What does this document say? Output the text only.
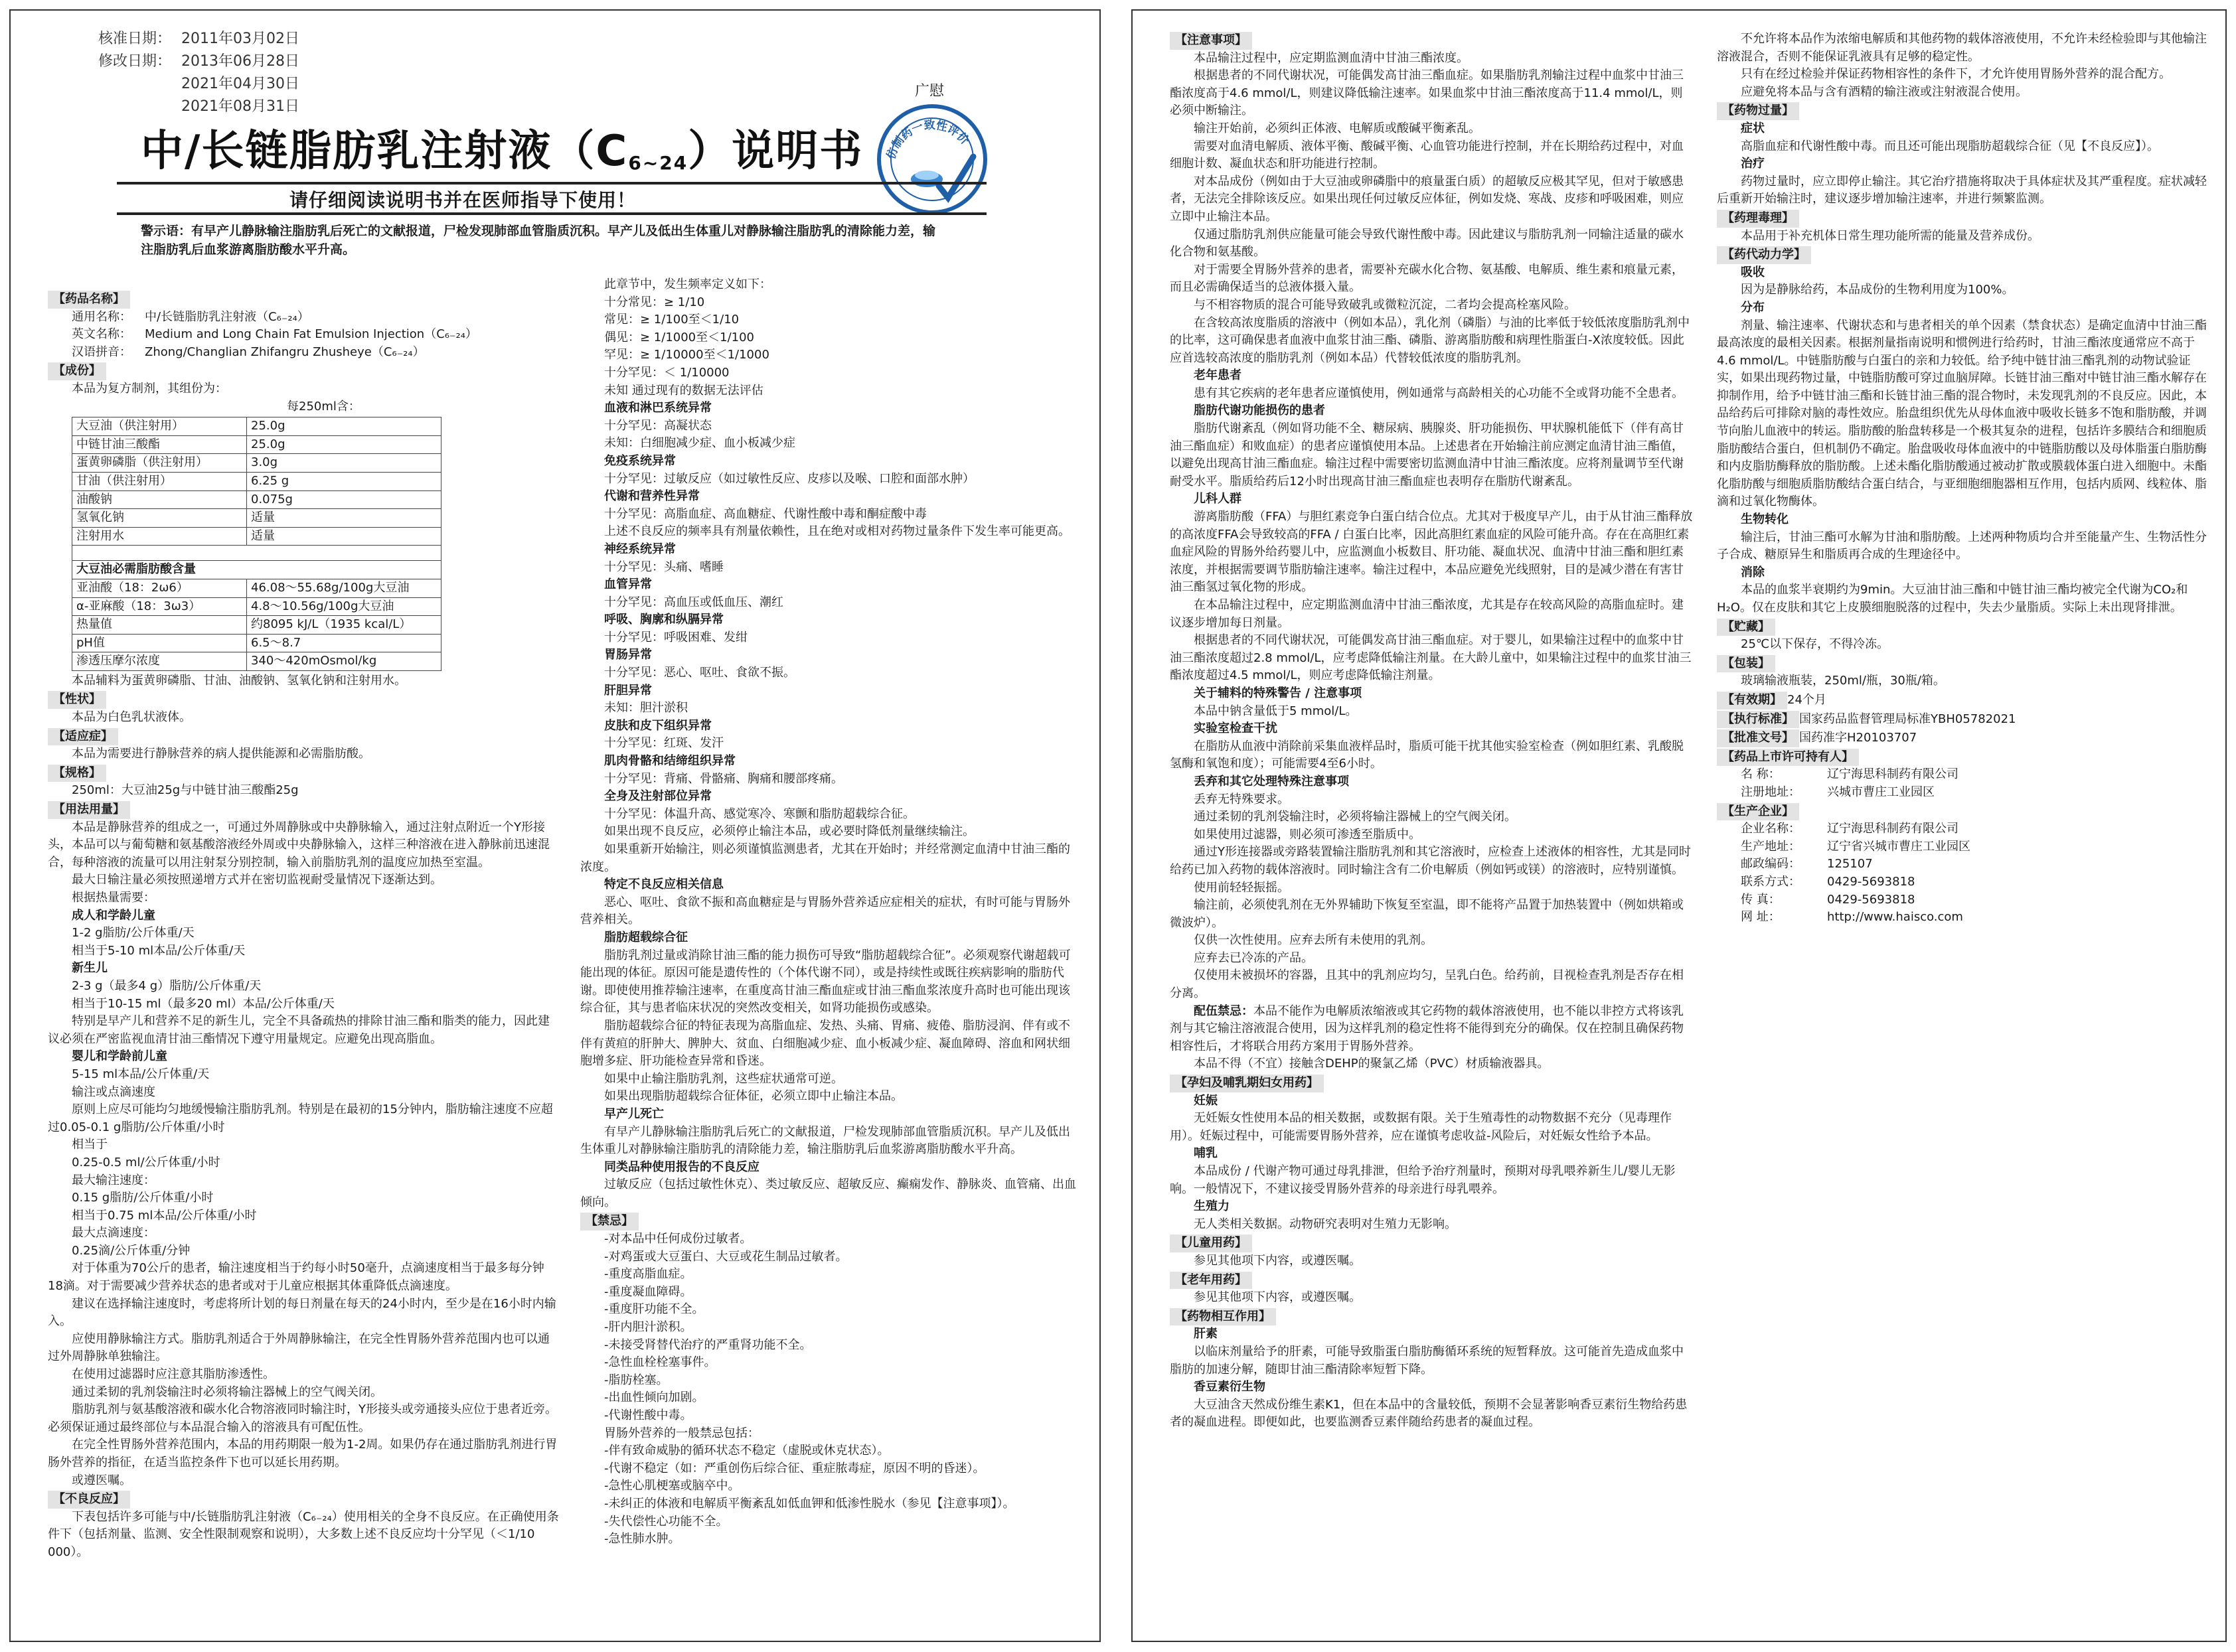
核准日期： 2011年03月02日
修改日期： 2013年06月28日
2021年04月30日
2021年08月31日
广慰
仿制药一致性评价
中/长链脂肪乳注射液（C6~24）说明书
请仔细阅读说明书并在医师指导下使用！
警示语：有早产儿静脉输注脂肪乳后死亡的文献报道，尸检发现肺部血管脂质沉积。早产儿及低出生体重儿对静脉输注脂肪乳的清除能力差，输注脂肪乳后血浆游离脂肪酸水平升高。
【药品名称】

通用名称： 中/长链脂肪乳注射液（C₆₋₂₄）

英文名称： Medium and Long Chain Fat Emulsion Injection（C₆₋₂₄）

汉语拼音： Zhong/Changlian Zhifangru Zhusheye（C₆₋₂₄）

【成份】

本品为复方制剂，其组份为：

每250ml含：

大豆油（供注射用）	25.0g
中链甘油三酸酯	25.0g
蛋黄卵磷脂（供注射用）	3.0g
甘油（供注射用）	6.25 g
油酸钠	0.075g
氢氧化钠	适量
注射用水	适量

大豆油必需脂肪酸含量	
亚油酸（18：2ω6）	46.08～55.68g/100g大豆油
α-亚麻酸（18：3ω3）	4.8～10.56g/100g大豆油
热量值	约8095 kJ/L（1935 kcal/L）
pH值	6.5～8.7
渗透压摩尔浓度	340～420mOsmol/kg

本品辅料为蛋黄卵磷脂、甘油、油酸钠、氢氧化钠和注射用水。

【性状】

本品为白色乳状液体。

【适应症】

本品为需要进行静脉营养的病人提供能源和必需脂肪酸。

【规格】

250ml：大豆油25g与中链甘油三酸酯25g

【用法用量】

本品是静脉营养的组成之一，可通过外周静脉或中央静脉输入，通过注射点附近一个Y形接头，本品可以与葡萄糖和氨基酸溶液经外周或中央静脉输入，这样三种溶液在进入静脉前迅速混合，每种溶液的流量可以用注射泵分别控制，输入前脂肪乳剂的温度应加热至室温。

最大日输注量必须按照递增方式并在密切监视耐受量情况下逐渐达到。

根据热量需要：

成人和学龄儿童

1-2 g脂肪/公斤体重/天

相当于5-10 ml本品/公斤体重/天

新生儿

2-3 g（最多4 g）脂肪/公斤体重/天

相当于10-15 ml（最多20 ml）本品/公斤体重/天

特别是早产儿和营养不足的新生儿，完全不具备疏热的排除甘油三酯和脂类的能力，因此建议必须在严密监视血清甘油三酯情况下遵守用量规定。应避免出现高脂血。

婴儿和学龄前儿童

5-15 ml本品/公斤体重/天

输注或点滴速度

原则上应尽可能均匀地缓慢输注脂肪乳剂。特别是在最初的15分钟内，脂肪输注速度不应超过0.05-0.1 g脂肪/公斤体重/小时

相当于

0.25-0.5 ml/公斤体重/小时

最大输注速度：

0.15 g脂肪/公斤体重/小时

相当于0.75 ml本品/公斤体重/小时

最大点滴速度：

0.25滴/公斤体重/分钟

对于体重为70公斤的患者，输注速度相当于约每小时50毫升，点滴速度相当于最多每分钟18滴。对于需要减少营养状态的患者或对于儿童应根据其体重降低点滴速度。

建议在选择输注速度时，考虑将所计划的每日剂量在每天的24小时内，至少是在16小时内输入。

应使用静脉输注方式。脂肪乳剂适合于外周静脉输注，在完全性胃肠外营养范围内也可以通过外周静脉单独输注。

在使用过滤器时应注意其脂肪渗透性。

通过柔韧的乳剂袋输注时必须将输注器械上的空气阀关闭。

脂肪乳剂与氨基酸溶液和碳水化合物溶液同时输注时，Y形接头或旁通接头应位于患者近旁。必须保证通过最终部位与本品混合输入的溶液具有可配伍性。

在完全性胃肠外营养范围内，本品的用药期限一般为1-2周。如果仍存在通过脂肪乳剂进行胃肠外营养的指征，在适当监控条件下也可以延长用药期。

或遵医嘱。

【不良反应】

下表包括许多可能与中/长链脂肪乳注射液（C₆₋₂₄）使用相关的全身不良反应。在正确使用条件下（包括剂量、监测、安全性限制观察和说明），大多数上述不良反应均十分罕见（＜1/10 000）。

此章节中，发生频率定义如下：

十分常见：≥ 1/10

常见：≥ 1/100至＜1/10

偶见：≥ 1/1000至＜1/100

罕见：≥ 1/10000至＜1/1000

十分罕见：＜ 1/10000

未知 通过现有的数据无法评估

血液和淋巴系统异常

十分罕见：高凝状态

未知：白细胞减少症、血小板减少症

免疫系统异常

十分罕见：过敏反应（如过敏性反应、皮疹以及喉、口腔和面部水肿）

代谢和营养性异常

十分罕见：高脂血症、高血糖症、代谢性酸中毒和酮症酸中毒

上述不良反应的频率具有剂量依赖性，且在绝对或相对药物过量条件下发生率可能更高。

神经系统异常

十分罕见：头痛、嗜睡

血管异常

十分罕见：高血压或低血压、潮红

呼吸、胸廓和纵膈异常

十分罕见：呼吸困难、发绀

胃肠异常

十分罕见：恶心、呕吐、食欲不振。

肝胆异常

未知：胆汁淤积

皮肤和皮下组织异常

十分罕见：红斑、发汗

肌肉骨骼和结缔组织异常

十分罕见：背痛、骨骼痛、胸痛和腰部疼痛。

全身及注射部位异常

十分罕见：体温升高、感觉寒冷、寒颤和脂肪超载综合征。

如果出现不良反应，必须停止输注本品，或必要时降低剂量继续输注。

如果重新开始输注，则必须谨慎监测患者，尤其在开始时；并经常测定血清中甘油三酯的浓度。

特定不良反应相关信息

恶心、呕吐、食欲不振和高血糖症是与胃肠外营养适应症相关的症状，有时可能与胃肠外营养相关。

脂肪超载综合征

脂肪乳剂过量或消除甘油三酯的能力损伤可导致“脂肪超载综合征”。必须观察代谢超载可能出现的体征。原因可能是遗传性的（个体代谢不同），或是持续性或既往疾病影响的脂肪代谢。即使使用推荐输注速率，在重度高甘油三酯血症或甘油三酯血浆浓度升高时也可能出现该综合征，其与患者临床状况的突然改变相关，如肾功能损伤或感染。

脂肪超载综合征的特征表现为高脂血症、发热、头痛、胃痛、疲倦、脂肪浸润、伴有或不伴有黄疸的肝肿大、脾肿大、贫血、白细胞减少症、血小板减少症、凝血障碍、溶血和网状细胞增多症、肝功能检查异常和昏迷。

如果中止输注脂肪乳剂，这些症状通常可逆。

如果出现脂肪超载综合征体征，必须立即中止输注本品。

早产儿死亡

有早产儿静脉输注脂肪乳后死亡的文献报道，尸检发现肺部血管脂质沉积。早产儿及低出生体重儿对静脉输注脂肪乳的清除能力差，输注脂肪乳后血浆游离脂肪酸水平升高。

同类品种使用报告的不良反应

过敏反应（包括过敏性休克）、类过敏反应、超敏反应、癫痫发作、静脉炎、血管痛、出血倾向。

【禁忌】

-对本品中任何成份过敏者。

-对鸡蛋或大豆蛋白、大豆或花生制品过敏者。

-重度高脂血症。

-重度凝血障碍。

-重度肝功能不全。

-肝内胆汁淤积。

-未接受肾替代治疗的严重肾功能不全。

-急性血栓栓塞事件。

-脂肪栓塞。

-出血性倾向加剧。

-代谢性酸中毒。

胃肠外营养的一般禁忌包括：

-伴有致命威胁的循环状态不稳定（虚脱或休克状态）。

-代谢不稳定（如：严重创伤后综合征、重症脓毒症，原因不明的昏迷）。

-急性心肌梗塞或脑卒中。

-未纠正的体液和电解质平衡紊乱如低血钾和低渗性脱水（参见【注意事项】）。

-失代偿性心功能不全。

-急性肺水肿。

【注意事项】

本品输注过程中，应定期监测血清中甘油三酯浓度。

根据患者的不同代谢状况，可能偶发高甘油三酯血症。如果脂肪乳剂输注过程中血浆中甘油三酯浓度高于4.6 mmol/L，则建议降低输注速率。如果血浆中甘油三酯浓度高于11.4 mmol/L，则必须中断输注。

输注开始前，必须纠正体液、电解质或酸碱平衡紊乱。

需要对血清电解质、液体平衡、酸碱平衡、心血管功能进行控制，并在长期给药过程中，对血细胞计数、凝血状态和肝功能进行控制。

对本品成份（例如由于大豆油或卵磷脂中的痕量蛋白质）的超敏反应极其罕见，但对于敏感患者，无法完全排除该反应。如果出现任何过敏反应体征，例如发烧、寒战、皮疹和呼吸困难，则应立即中止输注本品。

仅通过脂肪乳剂供应能量可能会导致代谢性酸中毒。因此建议与脂肪乳剂一同输注适量的碳水化合物和氨基酸。

对于需要全胃肠外营养的患者，需要补充碳水化合物、氨基酸、电解质、维生素和痕量元素，而且必需确保适当的总液体摄入量。

与不相容物质的混合可能导致破乳或微粒沉淀，二者均会提高栓塞风险。

在含较高浓度脂质的溶液中（例如本品），乳化剂（磷脂）与油的比率低于较低浓度脂肪乳剂中的比率，这可确保患者血液中血浆甘油三酯、磷脂、游离脂肪酸和病理性脂蛋白-X浓度较低。因此应首选较高浓度的脂肪乳剂（例如本品）代替较低浓度的脂肪乳剂。

老年患者

患有其它疾病的老年患者应谨慎使用，例如通常与高龄相关的心功能不全或肾功能不全患者。

脂肪代谢功能损伤的患者

脂肪代谢紊乱（例如肾功能不全、糖尿病、胰腺炎、肝功能损伤、甲状腺机能低下（伴有高甘油三酯血症）和败血症）的患者应谨慎使用本品。上述患者在开始输注前应测定血清甘油三酯值，以避免出现高甘油三酯血症。输注过程中需要密切监测血清中甘油三酯浓度。应将剂量调节至代谢耐受水平。脂质给药后12小时出现高甘油三酯血症也表明存在脂肪代谢紊乱。

儿科人群

游离脂肪酸（FFA）与胆红素竞争白蛋白结合位点。尤其对于极度早产儿，由于从甘油三酯释放的高浓度FFA会导致较高的FFA / 白蛋白比率，因此高胆红素血症的风险可能升高。存在在高胆红素血症风险的胃肠外给药婴儿中，应监测血小板数目、肝功能、凝血状况、血清中甘油三酯和胆红素浓度，并根据需要调节脂肪输注速率。输注过程中，本品应避免光线照射，目的是减少潜在有害甘油三酯氢过氧化物的形成。

在本品输注过程中，应定期监测血清中甘油三酯浓度，尤其是存在较高风险的高脂血症时。建议逐步增加每日剂量。

根据患者的不同代谢状况，可能偶发高甘油三酯血症。对于婴儿，如果输注过程中的血浆中甘油三酯浓度超过2.8 mmol/L，应考虑降低输注剂量。在大龄儿童中，如果输注过程中的血浆甘油三酯浓度超过4.5 mmol/L，则应考虑降低输注剂量。

关于辅料的特殊警告 / 注意事项

本品中钠含量低于5 mmol/L。

实验室检查干扰

在脂肪从血液中消除前采集血液样品时，脂质可能干扰其他实验室检查（例如胆红素、乳酸脱氢酶和氧饱和度）；可能需要4至6小时。

丢弃和其它处理特殊注意事项

丢弃无特殊要求。

通过柔韧的乳剂袋输注时，必须将输注器械上的空气阀关闭。

如果使用过滤器，则必须可渗透至脂质中。

通过Y形连接器或旁路装置输注脂肪乳剂和其它溶液时，应检查上述液体的相容性，尤其是同时给药已加入药物的载体溶液时。同时输注含有二价电解质（例如钙或镁）的溶液时，应特别谨慎。

使用前轻轻振摇。

输注前，必须使乳剂在无外界辅助下恢复至室温，即不能将产品置于加热装置中（例如烘箱或微波炉）。

仅供一次性使用。应弃去所有未使用的乳剂。

应弃去已冷冻的产品。

仅使用未被损坏的容器，且其中的乳剂应均匀，呈乳白色。给药前，目视检查乳剂是否存在相分离。

配伍禁忌：本品不能作为电解质浓缩液或其它药物的载体溶液使用，也不能以非控方式将该乳剂与其它输注溶液混合使用，因为这样乳剂的稳定性将不能得到充分的确保。仅在控制且确保药物相容性后，才将联合用药方案用于胃肠外营养。

本品不得（不宜）接触含DEHP的聚氯乙烯（PVC）材质输液器具。

【孕妇及哺乳期妇女用药】

妊娠

无妊娠女性使用本品的相关数据，或数据有限。关于生殖毒性的动物数据不充分（见毒理作用）。妊娠过程中，可能需要胃肠外营养，应在谨慎考虑收益-风险后，对妊娠女性给予本品。

哺乳

本品成份 / 代谢产物可通过母乳排泄，但给予治疗剂量时，预期对母乳喂养新生儿/婴儿无影响。一般情况下，不建议接受胃肠外营养的母亲进行母乳喂养。

生殖力

无人类相关数据。动物研究表明对生殖力无影响。

【儿童用药】

参见其他项下内容，或遵医嘱。

【老年用药】

参见其他项下内容，或遵医嘱。

【药物相互作用】

肝素

以临床剂量给予的肝素，可能导致脂蛋白脂肪酶循环系统的短暂释放。这可能首先造成血浆中脂肪的加速分解，随即甘油三酯清除率短暂下降。

香豆素衍生物

大豆油含天然成份维生素K1，但在本品中的含量较低，预期不会显著影响香豆素衍生物给药患者的凝血进程。即便如此，也要监测香豆素伴随给药患者的凝血过程。

不允许将本品作为浓缩电解质和其他药物的载体溶液使用，不允许未经检验即与其他输注溶液混合，否则不能保证乳液具有足够的稳定性。

只有在经过检验并保证药物相容性的条件下，才允许使用胃肠外营养的混合配方。

应避免将本品与含有酒精的输注液或注射液混合使用。

【药物过量】

症状

高脂血症和代谢性酸中毒。而且还可能出现脂肪超载综合征（见【不良反应】）。

治疗

药物过量时，应立即停止输注。其它治疗措施将取决于具体症状及其严重程度。症状减轻后重新开始输注时，建议逐步增加输注速率，并进行频繁监测。

【药理毒理】

本品用于补充机体日常生理功能所需的能量及营养成份。

【药代动力学】

吸收

因为是静脉给药，本品成份的生物利用度为100%。

分布

剂量、输注速率、代谢状态和与患者相关的单个因素（禁食状态）是确定血清中甘油三酯最高浓度的最相关因素。根据剂量指南说明和惯例进行给药时，甘油三酯浓度通常应不高于4.6 mmol/L。中链脂肪酸与白蛋白的亲和力较低。给予纯中链甘油三酯乳剂的动物试验证实，如果出现药物过量，中链脂肪酸可穿过血脑屏障。长链甘油三酯对中链甘油三酯水解存在抑制作用，给予中链甘油三酯和长链甘油三酯的混合物时，未发现乳剂的不良反应。因此，本品给药后可排除对脑的毒性效应。胎盘组织优先从母体血液中吸收长链多不饱和脂肪酸，并调节向胎儿血液中的转运。脂肪酸的胎盘转移是一个极其复杂的进程，包括许多膜结合和细胞质脂肪酸结合蛋白，但机制仍不确定。胎盘吸收母体血液中的中链脂肪酸以及母体脂蛋白脂肪酶和内皮脂肪酶释放的脂肪酸。上述未酯化脂肪酸通过被动扩散或膜载体蛋白进入细胞中。未酯化脂肪酸与细胞质脂肪酸结合蛋白结合，与亚细胞细胞器相互作用，包括内质网、线粒体、脂滴和过氧化物酶体。

生物转化

输注后，甘油三酯可水解为甘油和脂肪酸。上述两种物质均合并至能量产生、生物活性分子合成、糖原异生和脂质再合成的生理途径中。

消除

本品的血浆半衰期约为9min。大豆油甘油三酯和中链甘油三酯均被完全代谢为CO₂和H₂O。仅在皮肤和其它上皮膜细胞脱落的过程中，失去少量脂质。实际上未出现肾排泄。

【贮藏】

25℃以下保存，不得冷冻。

【包装】

玻璃输液瓶装，250ml/瓶，30瓶/箱。

【有效期】 24个月
【执行标准】 国家药品监督管理局标准YBH05782021
【批准文号】 国药准字H20103707
【药品上市许可持有人】

名 称：	辽宁海思科制药有限公司

注册地址： 兴城市曹庄工业园区

【生产企业】

企业名称： 辽宁海思科制药有限公司

生产地址： 辽宁省兴城市曹庄工业园区

邮政编码： 125107

联系方式： 0429-5693818

传 真：	0429-5693818

网 址：	http://www.haisco.com
